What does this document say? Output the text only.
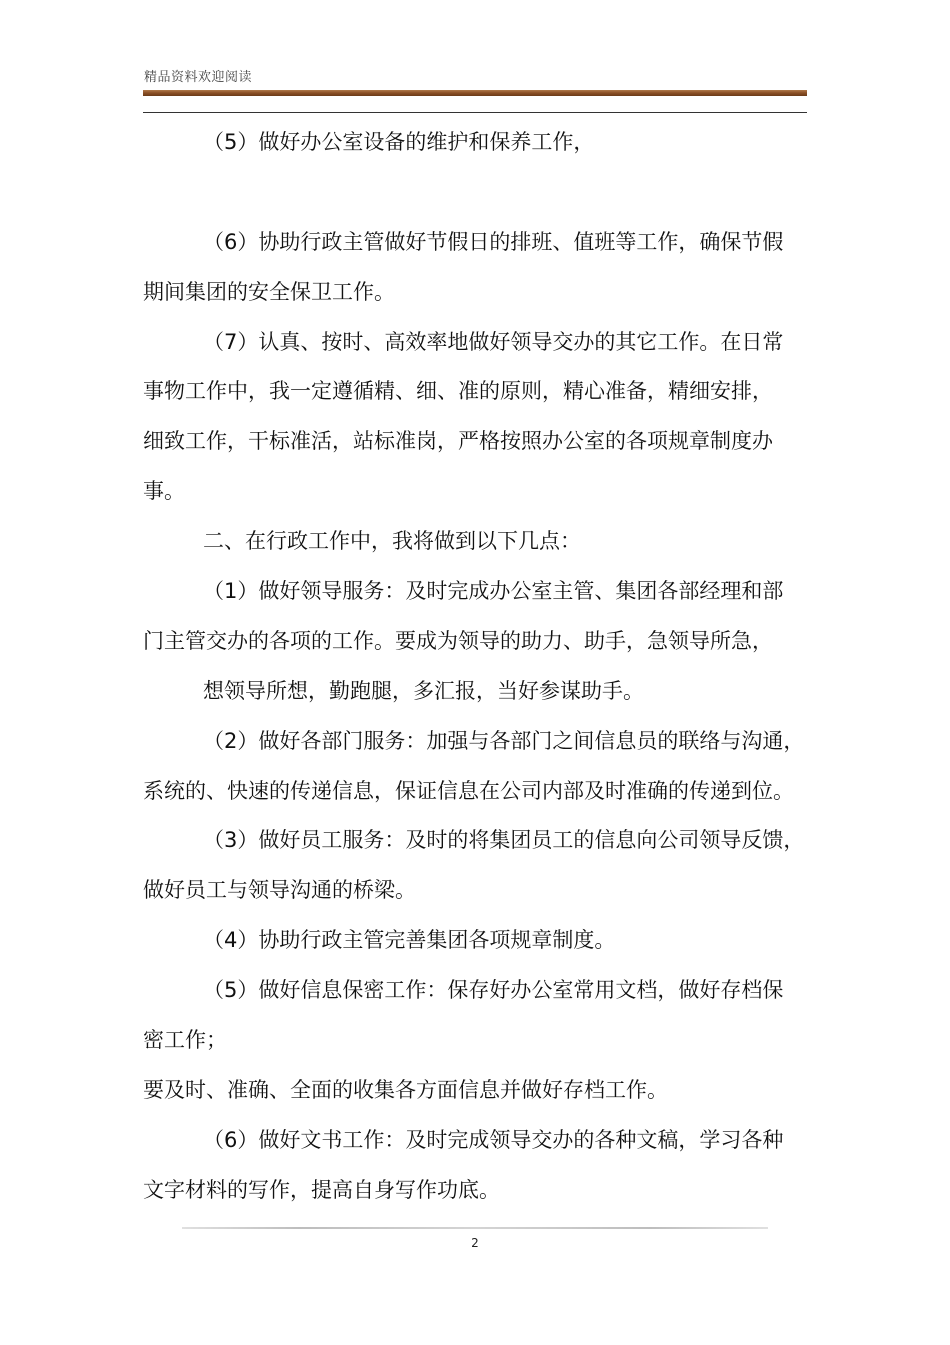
精品资料欢迎阅读
（5）做好办公室设备的维护和保养工作，
（6）协助行政主管做好节假日的排班、值班等工作，确保节假
期间集团的安全保卫工作。
（7）认真、按时、高效率地做好领导交办的其它工作。在日常
事物工作中，我一定遵循精、细、准的原则，精心准备，精细安排，
细致工作，干标准活，站标准岗，严格按照办公室的各项规章制度办
事。
二、在行政工作中，我将做到以下几点：
（1）做好领导服务：及时完成办公室主管、集团各部经理和部
门主管交办的各项的工作。要成为领导的助力、助手，急领导所急，
想领导所想，勤跑腿，多汇报，当好参谋助手。
（2）做好各部门服务：加强与各部门之间信息员的联络与沟通，
系统的、快速的传递信息，保证信息在公司内部及时准确的传递到位。
（3）做好员工服务：及时的将集团员工的信息向公司领导反馈，
做好员工与领导沟通的桥梁。
（4）协助行政主管完善集团各项规章制度。
（5）做好信息保密工作：保存好办公室常用文档，做好存档保
密工作；
要及时、准确、全面的收集各方面信息并做好存档工作。
（6）做好文书工作：及时完成领导交办的各种文稿，学习各种
文字材料的写作，提高自身写作功底。
2
